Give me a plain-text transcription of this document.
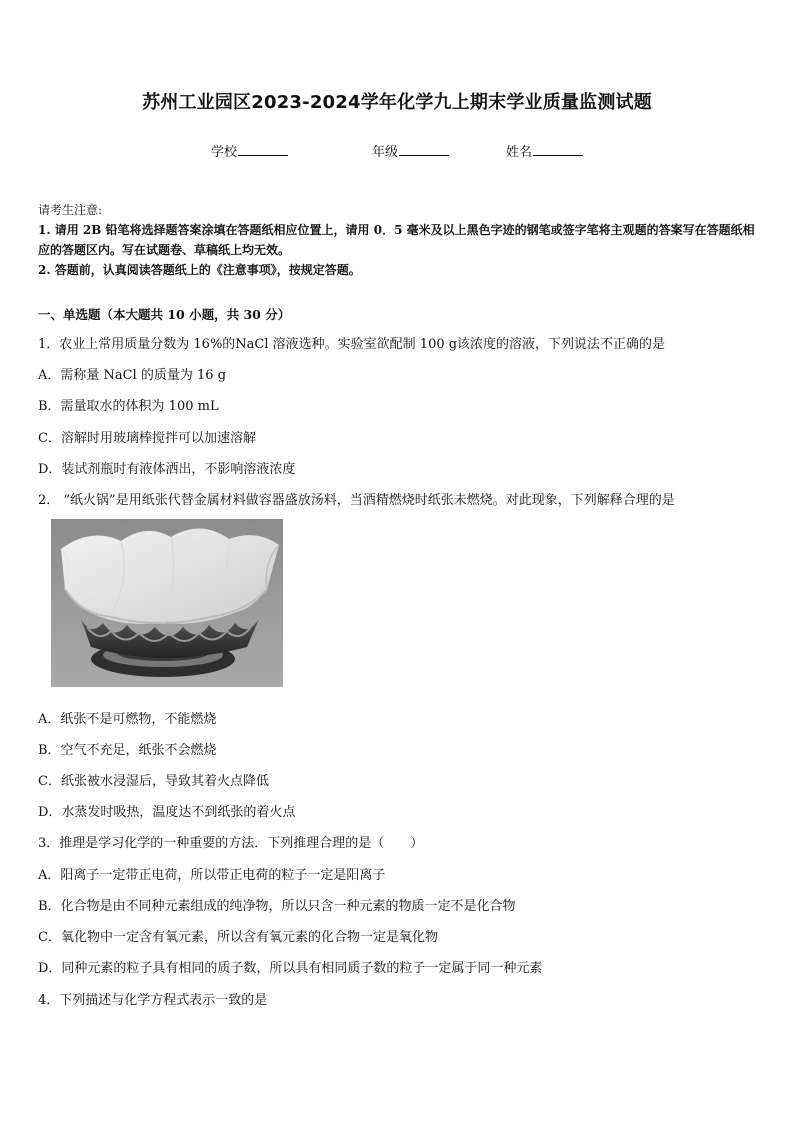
苏州工业园区2023-2024学年化学九上期末学业质量监测试题
学校	年级	姓名
请考生注意:
1. 请用 2B 铅笔将选择题答案涂填在答题纸相应位置上，请用 0．5 毫米及以上黑色字迹的钢笔或签字笔将主观题的答案写在答题纸相应的答题区内。写在试题卷、草稿纸上均无效。
2. 答题前，认真阅读答题纸上的《注意事项》，按规定答题。
一、单选题（本大题共 10 小题，共 30 分）
1．农业上常用质量分数为 16%的NaCl 溶液选种。实验室欲配制 100 g该浓度的溶液，下列说法不正确的是
A．需称量 NaCl 的质量为 16 g
B．需量取水的体积为 100 mL
C．溶解时用玻璃棒搅拌可以加速溶解
D．装试剂瓶时有液体洒出，不影响溶液浓度
2． “纸火锅”是用纸张代替金属材料做容器盛放汤料，当酒精燃烧时纸张未燃烧。对此现象，下列解释合理的是
A．纸张不是可燃物，不能燃烧
B．空气不充足，纸张不会燃烧
C．纸张被水浸湿后，导致其着火点降低
D．水蒸发时吸热，温度达不到纸张的着火点
3．推理是学习化学的一种重要的方法．下列推理合理的是（　　）
A．阳离子一定带正电荷，所以带正电荷的粒子一定是阳离子
B．化合物是由不同种元素组成的纯净物，所以只含一种元素的物质一定不是化合物
C．氧化物中一定含有氧元素，所以含有氧元素的化合物一定是氧化物
D．同种元素的粒子具有相同的质子数，所以具有相同质子数的粒子一定属于同一种元素
4．下列描述与化学方程式表示一致的是
